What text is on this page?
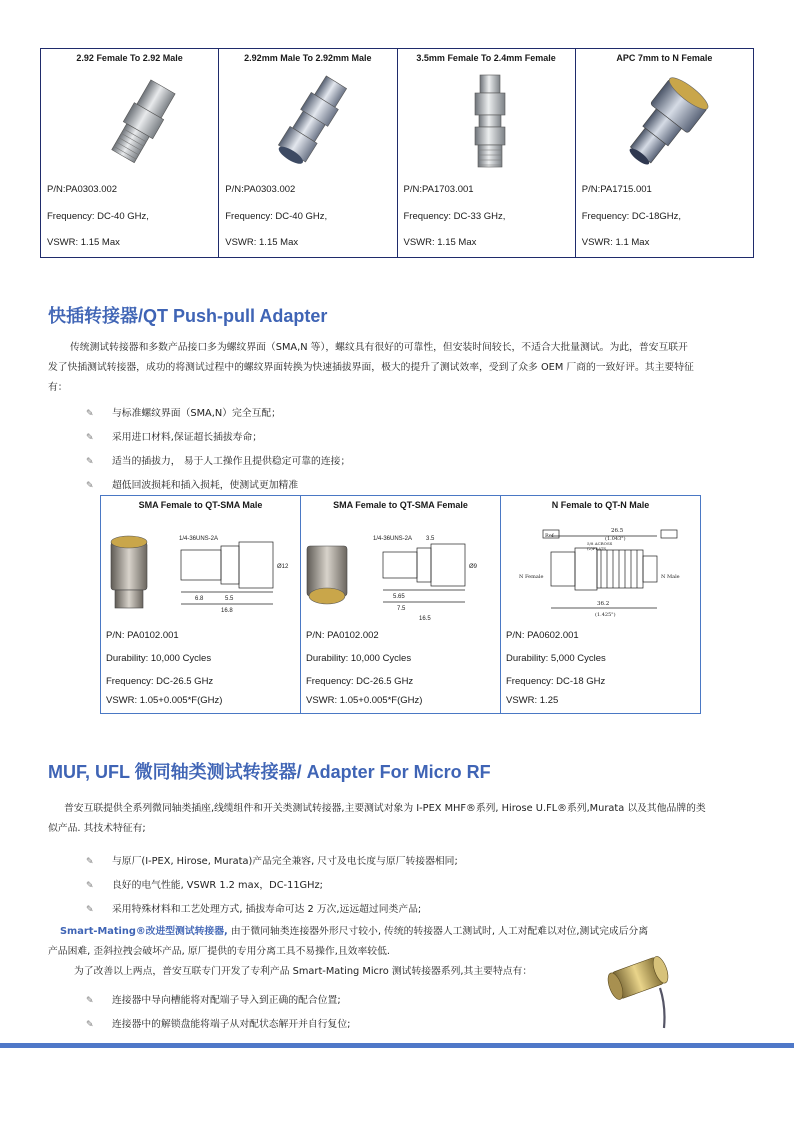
2.92 Female To 2.92 Male
P/N:PA0303.002
Frequency: DC-40 GHz,
VSWR: 1.15 Max

2.92mm Male To 2.92mm Male
P/N:PA0303.002
Frequency: DC-40 GHz,
VSWR: 1.15 Max

3.5mm Female To 2.4mm Female
P/N:PA1703.001
Frequency: DC-33 GHz,
VSWR: 1.15 Max

APC 7mm to N Female
P/N:PA1715.001
Frequency: DC-18GHz,
VSWR: 1.1 Max
快插转接器/QT Push-pull Adapter
传统测试转接器和多数产品接口多为螺纹界面（SMA,N 等），螺纹具有很好的可靠性，但安装时间较长，不适合大批量测试。为此，普安互联开
发了快插测试转接器，成功的将测试过程中的螺纹界面转换为快速插拔界面，极大的提升了测试效率，受到了众多 OEM 厂商的一致好评。其主要特征
有：
✎ 与标准螺纹界面（SMA,N）完全互配；
✎ 采用进口材料,保证超长插拔寿命；
✎ 适当的插拔力， 易于人工操作且提供稳定可靠的连接；
✎ 超低回波损耗和插入损耗，使测试更加精准
SMA Female to QT-SMA Male
1/4-36UNS-2A
Ø12
6.8	5.5
16.8
P/N: PA0102.001
Durability: 10,000 Cycles
Frequency: DC-26.5 GHz
VSWR: 1.05+0.005*F(GHz)

SMA Female to QT-SMA Female
1/4-36UNS-2A 3.5
Ø9
5.65
7.5
16.5
P/N: PA0102.002
Durability: 10,000 Cycles
Frequency: DC-26.5 GHz
VSWR: 1.05+0.005*F(GHz)

N Female to QT-N Male
Ref
26.5
(1.043")
5/8 ACROSS
(2)FLATS
N Female	N Male
36.2
(1.425")
P/N: PA0602.001
Durability: 5,000 Cycles
Frequency: DC-18 GHz
VSWR: 1.25
MUF, UFL 微同轴类测试转接器/ Adapter For Micro RF
普安互联提供全系列微同轴类插座,线缆组件和开关类测试转接器,主要测试对象为 I-PEX MHF®系列, Hirose U.FL®系列,Murata 以及其他品牌的类
似产品. 其技术特征有;
✎ 与原厂(I-PEX, Hirose, Murata)产品完全兼容, 尺寸及电长度与原厂转接器相同;
✎ 良好的电气性能, VSWR 1.2 max，DC-11GHz;
✎ 采用特殊材料和工艺处理方式, 插拔寿命可达 2 万次,远远超过同类产品;
Smart-Mating®改进型测试转接器, 由于微同轴类连接器外形尺寸较小, 传统的转接器人工测试时, 人工对配难以对位,测试完成后分离
产品困难, 歪斜拉拽会破坏产品, 原厂提供的专用分离工具不易操作,且效率较低.
为了改善以上两点，普安互联专门开发了专利产品 Smart-Mating Micro 测试转接器系列,其主要特点有：
✎ 连接器中导向槽能将对配端子导入到正确的配合位置;
✎ 连接器中的解锁盘能将端子从对配状态解开并自行复位;
